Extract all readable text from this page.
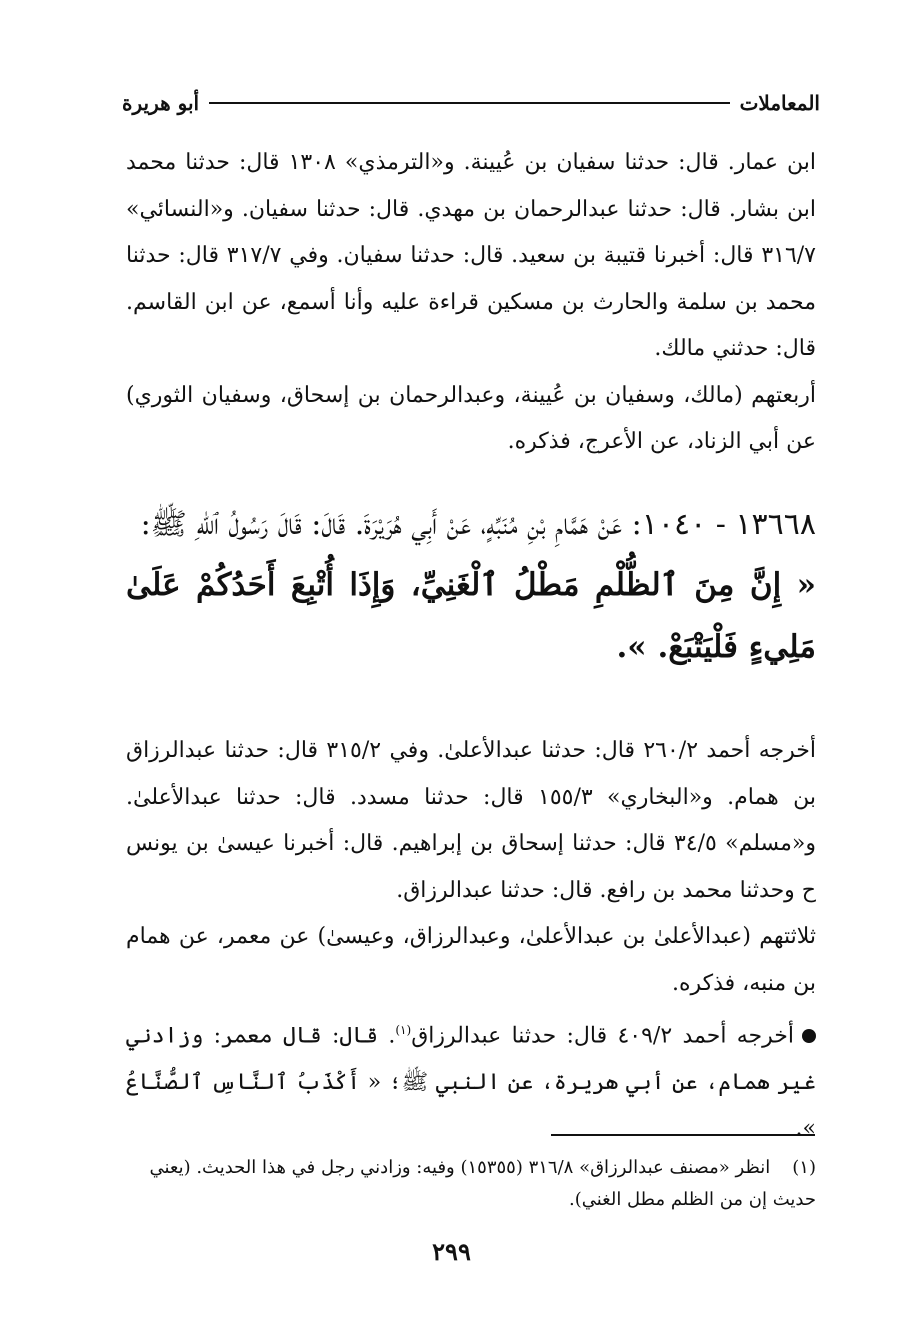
المعاملات
أبو هريرة

ابن عمار. قال: حدثنا سفيان بن عُيينة. و«الترمذي» ١٣٠٨ قال: حدثنا محمد ابن بشار. قال: حدثنا عبدالرحمان بن مهدي. قال: حدثنا سفيان. و«النسائي» ٣١٦/٧ قال: أخبرنا قتيبة بن سعيد. قال: حدثنا سفيان. وفي ٣١٧/٧ قال: حدثنا محمد بن سلمة والحارث بن مسكين قراءة عليه وأنا أسمع، عن ابن القاسم. قال: حدثني مالك.

أربعتهم (مالك، وسفيان بن عُيينة، وعبدالرحمان بن إسحاق، وسفيان الثوري) عن أبي الزناد، عن الأعرج، فذكره.

١٣٦٦٨ - ١٠٤٠: عَنْ هَمَّامِ بْنِ مُنَبِّهٍ، عَنْ أَبِي هُرَيْرَةَ. قَالَ: قَالَ رَسُولُ ٱللهِ ﷺ:

« إِنَّ مِنَ ٱلظُّلْمِ مَطْلُ ٱلْغَنِيِّ، وَإِذَا أُتْبِعَ أَحَدُكُمْ عَلَىٰ مَلِيءٍ فَلْيَتْبَعْ. ».

أخرجه أحمد ٢٦٠/٢ قال: حدثنا عبدالأعلىٰ. وفي ٣١٥/٢ قال: حدثنا عبدالرزاق بن همام. و«البخاري» ١٥٥/٣ قال: حدثنا مسدد. قال: حدثنا عبدالأعلىٰ. و«مسلم» ٣٤/٥ قال: حدثنا إسحاق بن إبراهيم. قال: أخبرنا عيسىٰ بن يونس ح وحدثنا محمد بن رافع. قال: حدثنا عبدالرزاق.

ثلاثتهم (عبدالأعلىٰ بن عبدالأعلىٰ، وعبدالرزاق، وعيسىٰ) عن معمر، عن همام بن منبه، فذكره.

أخرجه أحمد ٤٠٩/٢ قال: حدثنا عبدالرزاق$^{(١)}$. قال: قال معمر: وزادني غير همام، عن أبي هريرة، عن النبي ﷺ؛ « أَكْذَبُ ٱلنَّاسِ ٱلصُّنَّاعُ ».

(١)انظر «مصنف عبدالرزاق» ٣١٦/٨ (١٥٣٥٥) وفيه: وزادني رجل في هذا الحديث. (يعني حديث إن من الظلم مطل الغني).

٢٩٩
